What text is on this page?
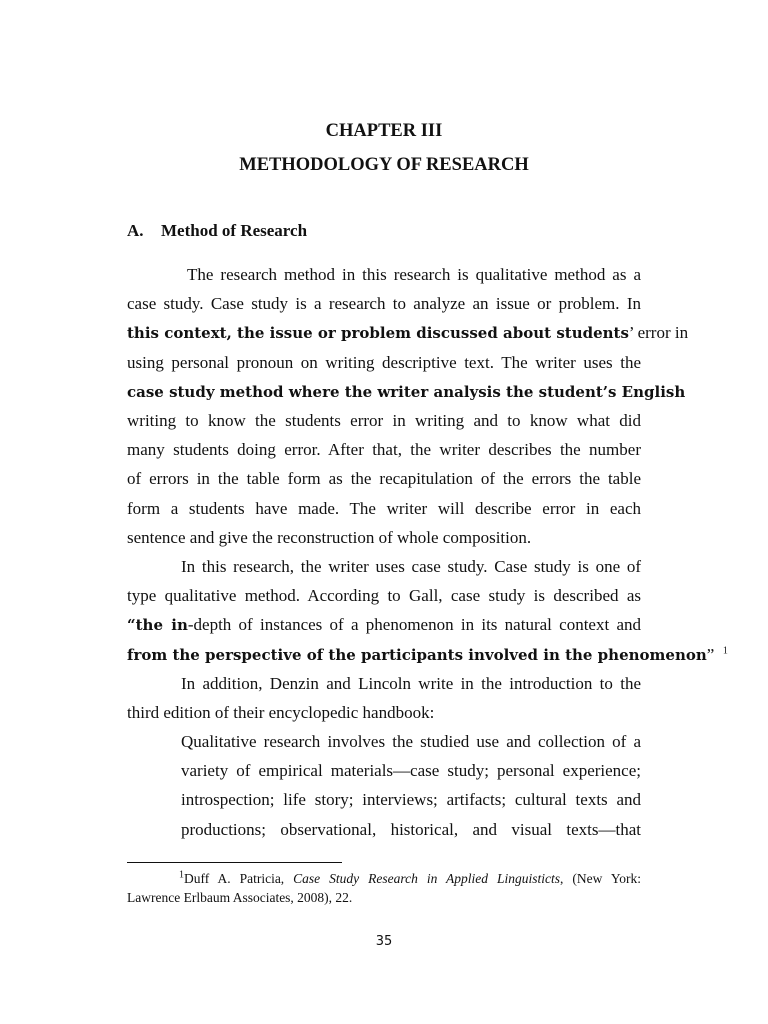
CHAPTER III
METHODOLOGY OF RESEARCH
A. Method of Research
The research method in this research is qualitative method as a
case study. Case study is a research to analyze an issue or problem. In
this context, the issue or problem discussed about students’ error in
using personal pronoun on writing descriptive text. The writer uses the
case study method where the writer analysis the student’s English
writing to know the students error in writing and to know what did
many students doing error. After that, the writer describes the number
of errors in the table form as the recapitulation of the errors the table
form a students have made. The writer will describe error in each
sentence and give the reconstruction of whole composition.
In this research, the writer uses case study. Case study is one of
type qualitative method. According to Gall, case study is described as
“the in-depth of instances of a phenomenon in its natural context and
from the perspective of the participants involved in the phenomenon” $^1$
In addition, Denzin and Lincoln write in the introduction to the
third edition of their encyclopedic handbook:
Qualitative research involves the studied use and collection of a
variety of empirical materials—case study; personal experience;
introspection; life story; interviews; artifacts; cultural texts and
productions; observational, historical, and visual texts—that
$^1$Duff A. Patricia, Case Study Research in Applied Linguisticts, (New York:
Lawrence Erlbaum Associates, 2008), 22.
35
